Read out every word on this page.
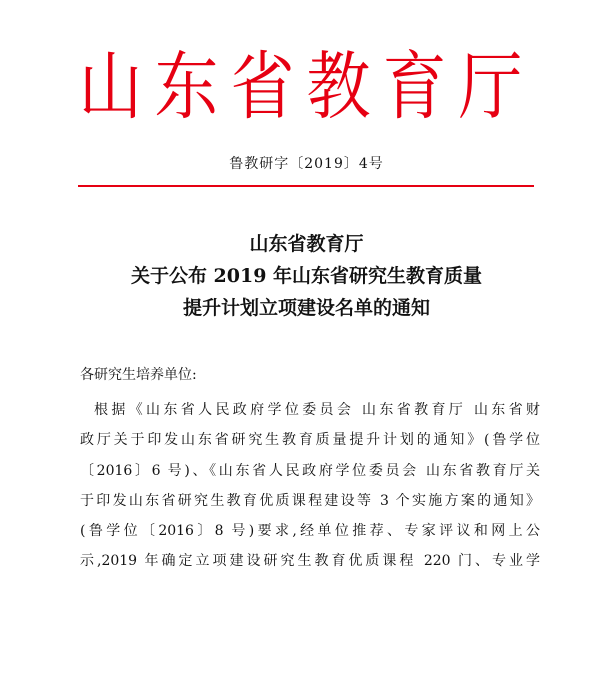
山东省教育厅
鲁教研字〔2019〕4号
山东省教育厅
关于公布 2019 年山东省研究生教育质量
提升计划立项建设名单的通知
各研究生培养单位:
根据《山东省人民政府学位委员会 山东省教育厅 山东省财
政厅关于印发山东省研究生教育质量提升计划的通知》(鲁学位
〔2016〕6 号)、《山东省人民政府学位委员会 山东省教育厅关
于印发山东省研究生教育优质课程建设等 3 个实施方案的通知》
(鲁学位〔2016〕8 号)要求,经单位推荐、专家评议和网上公
示,2019 年确定立项建设研究生教育优质课程 220 门、专业学
